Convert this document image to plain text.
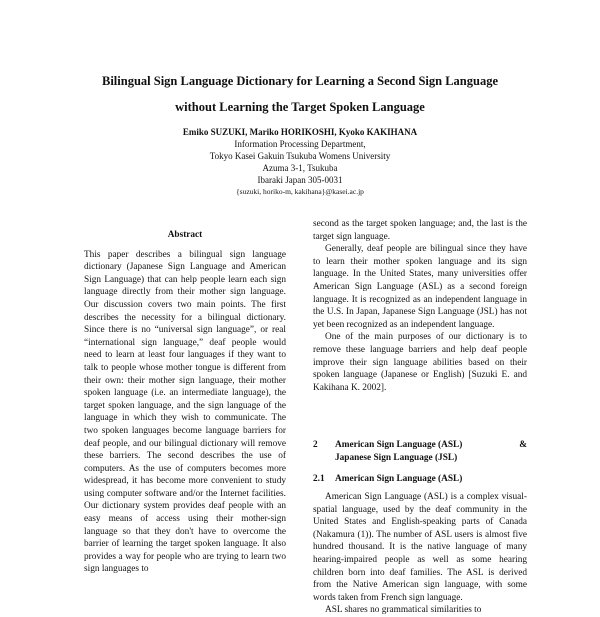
Bilingual Sign Language Dictionary for Learning a Second Sign Language
without Learning the Target Spoken Language
Emiko SUZUKI, Mariko HORIKOSHI, Kyoko KAKIHANA
Information Processing Department,
Tokyo Kasei Gakuin Tsukuba Womens University
Azuma 3-1, Tsukuba
Ibaraki Japan 305-0031
{suzuki, horiko-m, kakihana}@kasei.ac.jp
Abstract

This paper describes a bilingual sign language dictionary (Japanese Sign Language and American Sign Language) that can help people learn each sign language directly from their mother sign language. Our discussion covers two main points. The first describes the necessity for a bilingual dictionary. Since there is no “universal sign language”, or real “international sign language,” deaf people would need to learn at least four languages if they want to talk to people whose mother tongue is different from their own: their mother sign language, their mother spoken language (i.e. an intermediate language), the target spoken language, and the sign language of the language in which they wish to communicate. The two spoken languages become language barriers for deaf people, and our bilingual dictionary will remove these barriers. The second describes the use of computers. As the use of computers becomes more widespread, it has become more convenient to study using computer software and/or the Internet facilities. Our dictionary system provides deaf people with an easy means of access using their mother-sign language so that they don't have to overcome the barrier of learning the target spoken language. It also provides a way for people who are trying to learn two sign languages to

second as the target spoken language; and, the last is the target sign language.

Generally, deaf people are bilingual since they have to learn their mother spoken language and its sign language. In the United States, many universities offer American Sign Language (ASL) as a second foreign language. It is recognized as an independent language in the U.S. In Japan, Japanese Sign Language (JSL) has not yet been recognized as an independent language.

One of the main purposes of our dictionary is to remove these language barriers and help deaf people improve their sign language abilities based on their spoken language (Japanese or English) [Suzuki E. and Kakihana K. 2002].

2	American Sign Language (ASL)	&
Japanese Sign Language (JSL)
2.1	American Sign Language (ASL)

American Sign Language (ASL) is a complex visual-spatial language, used by the deaf community in the United States and English-speaking parts of Canada (Nakamura (1)). The number of ASL users is almost five hundred thousand. It is the native language of many hearing-impaired people as well as some hearing children born into deaf families. The ASL is derived from the Native American sign language, with some words taken from French sign language.

ASL shares no grammatical similarities to
